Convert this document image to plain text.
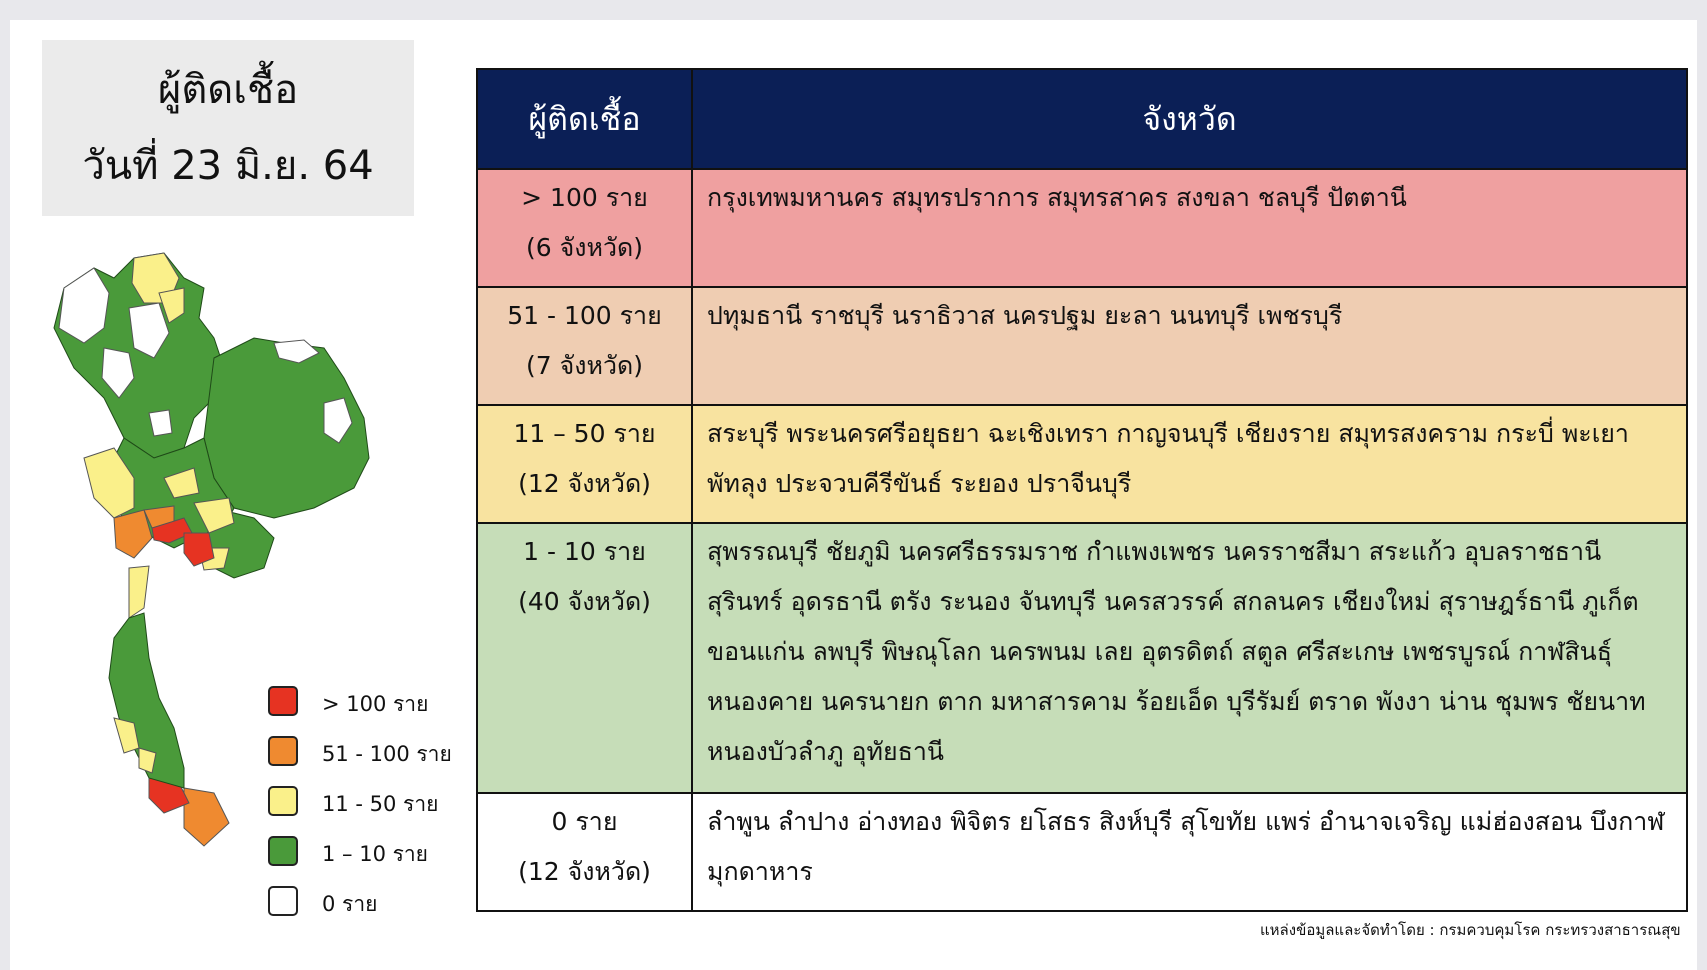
ผู้ติดเชื้อ
วันที่ 23 มิ.ย. 64
> 100 ราย
51 - 100 ราย
11 - 50 ราย
1 – 10 ราย
0 ราย
ผู้ติดเชื้อ	จังหวัด

> 100 ราย
(6 จังหวัด)	กรุงเทพมหานคร สมุทรปราการ สมุทรสาคร สงขลา ชลบุรี ปัตตานี

51 - 100 ราย
(7 จังหวัด)	ปทุมธานี ราชบุรี นราธิวาส นครปฐม ยะลา นนทบุรี เพชรบุรี

11 – 50 ราย
(12 จังหวัด)	สระบุรี พระนครศรีอยุธยา ฉะเชิงเทรา กาญจนบุรี เชียงราย สมุทรสงคราม กระบี่ พะเยา พัทลุง ประจวบคีรีขันธ์ ระยอง ปราจีนบุรี

1 - 10 ราย
(40 จังหวัด)	สุพรรณบุรี ชัยภูมิ นครศรีธรรมราช กำแพงเพชร นครราชสีมา สระแก้ว อุบลราชธานี สุรินทร์ อุดรธานี ตรัง ระนอง จันทบุรี นครสวรรค์ สกลนคร เชียงใหม่ สุราษฎร์ธานี ภูเก็ต ขอนแก่น ลพบุรี พิษณุโลก นครพนม เลย อุตรดิตถ์ สตูล ศรีสะเกษ เพชรบูรณ์ กาฬสินธุ์ หนองคาย นครนายก ตาก มหาสารคาม ร้อยเอ็ด บุรีรัมย์ ตราด พังงา น่าน ชุมพร ชัยนาท หนองบัวลำภู อุทัยธานี

0 ราย
(12 จังหวัด)	ลำพูน ลำปาง อ่างทอง พิจิตร ยโสธร สิงห์บุรี สุโขทัย แพร่ อำนาจเจริญ แม่ฮ่องสอน บึงกาฬ มุกดาหาร
แหล่งข้อมูลและจัดทำโดย : กรมควบคุมโรค กระทรวงสาธารณสุข
